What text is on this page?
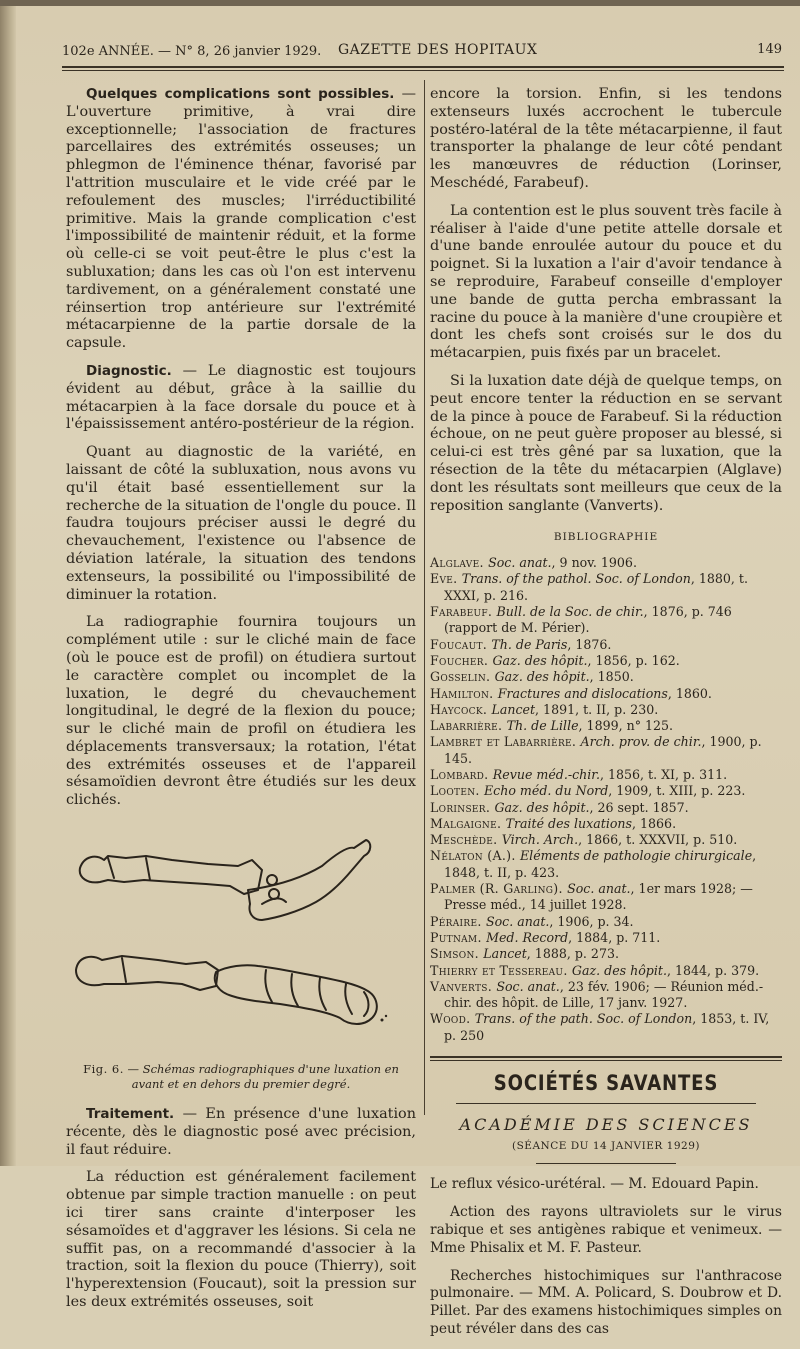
102e ANNÉE. — N° 8, 26 janvier 1929. GAZETTE DES HOPITAUX	149

Quelques complications sont possibles. — L'ouverture primitive, à vrai dire exceptionnelle; l'association de fractures parcellaires des extrémités osseuses; un phlegmon de l'éminence thénar, favorisé par l'attrition musculaire et le vide créé par le refoulement des muscles; l'irréductibilité primitive. Mais la grande complication c'est l'impossibilité de maintenir réduit, et la forme où celle-ci se voit peut-être le plus c'est la subluxation; dans les cas où l'on est intervenu tardivement, on a généralement constaté une réinsertion trop antérieure sur l'extrémité métacarpienne de la partie dorsale de la capsule.

Diagnostic. — Le diagnostic est toujours évident au début, grâce à la saillie du métacarpien à la face dorsale du pouce et à l'épaississement antéro-postérieur de la région.

Quant au diagnostic de la variété, en laissant de côté la subluxation, nous avons vu qu'il était basé essentiellement sur la recherche de la situation de l'ongle du pouce. Il faudra toujours préciser aussi le degré du chevauchement, l'existence ou l'absence de déviation latérale, la situation des tendons extenseurs, la possibilité ou l'impossibilité de diminuer la rotation.

La radiographie fournira toujours un complément utile : sur le cliché main de face (où le pouce est de profil) on étudiera surtout le caractère complet ou incomplet de la luxation, le degré du chevauchement longitudinal, le degré de la flexion du pouce; sur le cliché main de profil on étudiera les déplacements transversaux; la rotation, l'état des extrémités osseuses et de l'appareil sésamoïdien devront être étudiés sur les deux clichés.

Fig. 6. — Schémas radiographiques d'une luxation en avant et en dehors du premier degré.

Traitement. — En présence d'une luxation récente, dès le diagnostic posé avec précision, il faut réduire.

La réduction est généralement facilement obtenue par simple traction manuelle : on peut ici tirer sans crainte d'interposer les sésamoïdes et d'aggraver les lésions. Si cela ne suffit pas, on a recommandé d'associer à la traction, soit la flexion du pouce (Thierry), soit l'hyperextension (Foucaut), soit la pression sur les deux extrémités osseuses, soit

encore la torsion. Enfin, si les tendons extenseurs luxés accrochent le tubercule postéro-latéral de la tête métacarpienne, il faut transporter la phalange de leur côté pendant les manœuvres de réduction (Lorinser, Meschédé, Farabeuf).

La contention est le plus souvent très facile à réaliser à l'aide d'une petite attelle dorsale et d'une bande enroulée autour du pouce et du poignet. Si la luxation a l'air d'avoir tendance à se reproduire, Farabeuf conseille d'employer une bande de gutta percha embrassant la racine du pouce à la manière d'une croupière et dont les chefs sont croisés sur le dos du métacarpien, puis fixés par un bracelet.

Si la luxation date déjà de quelque temps, on peut encore tenter la réduction en se servant de la pince à pouce de Farabeuf. Si la réduction échoue, on ne peut guère proposer au blessé, si celui-ci est très gêné par sa luxation, que la résection de la tête du métacarpien (Alglave) dont les résultats sont meilleurs que ceux de la reposition sanglante (Vanverts).

BIBLIOGRAPHIE

Alglave. Soc. anat., 9 nov. 1906.

Eve. Trans. of the pathol. Soc. of London, 1880, t. XXXI, p. 216.

Farabeuf. Bull. de la Soc. de chir., 1876, p. 746 (rapport de M. Périer).

Foucaut. Th. de Paris, 1876.

Foucher. Gaz. des hôpit., 1856, p. 162.

Gosselin. Gaz. des hôpit., 1850.

Hamilton. Fractures and dislocations, 1860.

Haycock. Lancet, 1891, t. II, p. 230.

Labarrière. Th. de Lille, 1899, n° 125.

Lambret et Labarrière. Arch. prov. de chir., 1900, p. 145.

Lombard. Revue méd.-chir., 1856, t. XI, p. 311.

Looten. Echo méd. du Nord, 1909, t. XIII, p. 223.

Lorinser. Gaz. des hôpit., 26 sept. 1857.

Malgaigne. Traité des luxations, 1866.

Meschède. Virch. Arch., 1866, t. XXXVII, p. 510.

Nélaton (A.). Eléments de pathologie chirurgicale, 1848, t. II, p. 423.

Palmer (R. Garling). Soc. anat., 1er mars 1928; — Presse méd., 14 juillet 1928.

Péraire. Soc. anat., 1906, p. 34.

Putnam. Med. Record, 1884, p. 711.

Simson. Lancet, 1888, p. 273.

Thierry et Tessereau. Gaz. des hôpit., 1844, p. 379.

Vanverts. Soc. anat., 23 fév. 1906; — Réunion méd.-chir. des hôpit. de Lille, 17 janv. 1927.

Wood. Trans. of the path. Soc. of London, 1853, t. IV, p. 250

SOCIÉTÉS SAVANTES
ACADÉMIE DES SCIENCES
(SÉANCE DU 14 JANVIER 1929)

Le reflux vésico-urétéral. — M. Edouard Papin.

Action des rayons ultraviolets sur le virus rabique et ses antigènes rabique et venimeux. — Mme Phisalix et M. F. Pasteur.

Recherches histochimiques sur l'anthracose pulmonaire. — MM. A. Policard, S. Doubrow et D. Pillet. Par des examens histochimiques simples on peut révéler dans des cas
